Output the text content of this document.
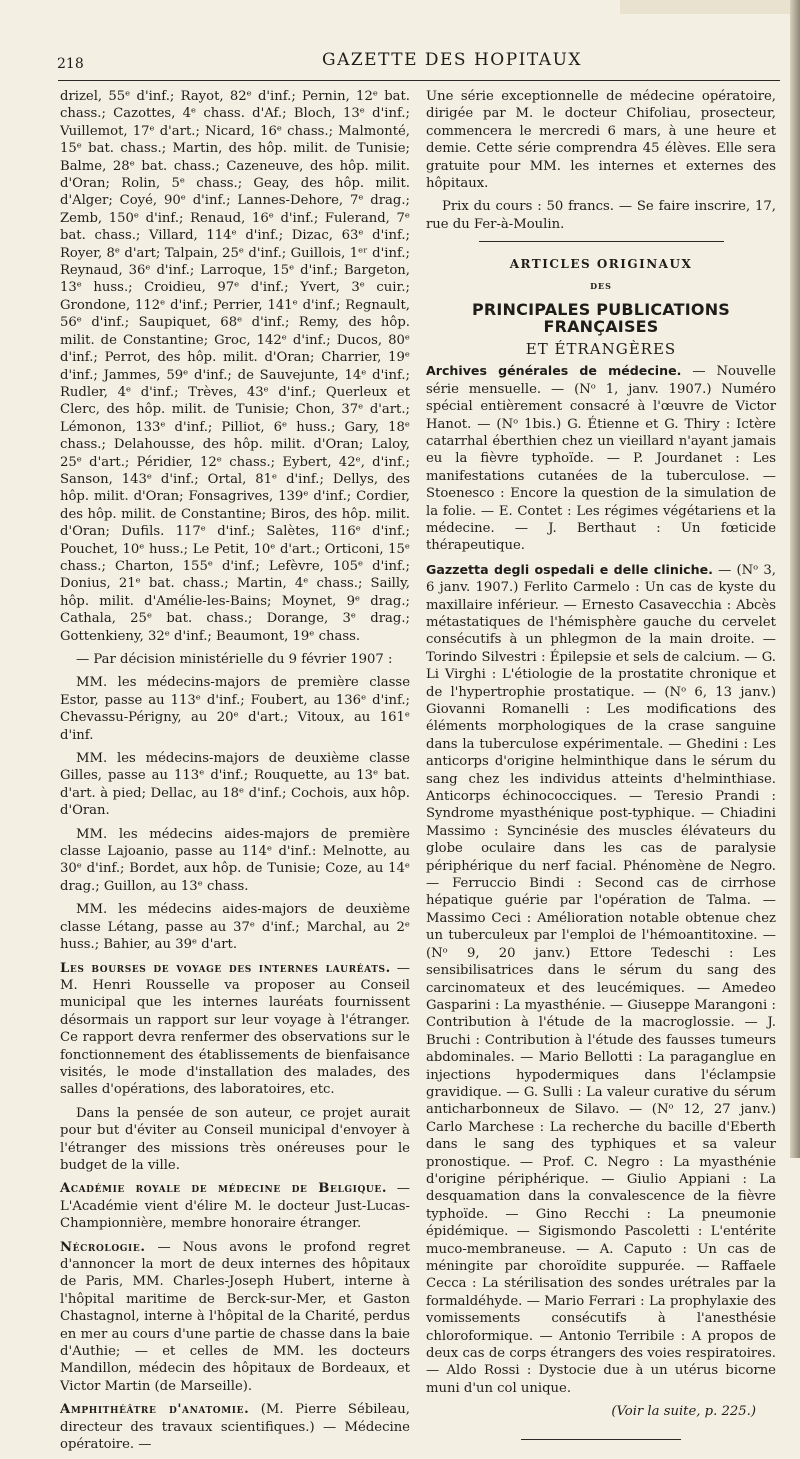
218	GAZETTE DES HOPITAUX

drizel, 55ᵉ d'inf.; Rayot, 82ᵉ d'inf.; Pernin, 12ᵉ bat. chass.; Cazottes, 4ᵉ chass. d'Af.; Bloch, 13ᵉ d'inf.; Vuillemot, 17ᵉ d'art.; Nicard, 16ᵉ chass.; Malmonté, 15ᵉ bat. chass.; Martin, des hôp. milit. de Tunisie; Balme, 28ᵉ bat. chass.; Cazeneuve, des hôp. milit. d'Oran; Rolin, 5ᵉ chass.; Geay, des hôp. milit. d'Alger; Coyé, 90ᵉ d'inf.; Lannes-Dehore, 7ᵉ drag.; Zemb, 150ᵉ d'inf.; Renaud, 16ᵉ d'inf.; Fulerand, 7ᵉ bat. chass.; Villard, 114ᵉ d'inf.; Dizac, 63ᵉ d'inf.; Royer, 8ᵉ d'art; Talpain, 25ᵉ d'inf.; Guillois, 1ᵉʳ d'inf.; Reynaud, 36ᵉ d'inf.; Larroque, 15ᵉ d'inf.; Bargeton, 13ᵉ huss.; Croidieu, 97ᵉ d'inf.; Yvert, 3ᵉ cuir.; Grondone, 112ᵉ d'inf.; Perrier, 141ᵉ d'inf.; Regnault, 56ᵉ d'inf.; Saupiquet, 68ᵉ d'inf.; Remy, des hôp. milit. de Constantine; Groc, 142ᵉ d'inf.; Ducos, 80ᵉ d'inf.; Perrot, des hôp. milit. d'Oran; Charrier, 19ᵉ d'inf.; Jammes, 59ᵉ d'inf.; de Sauvejunte, 14ᵉ d'inf.; Rudler, 4ᵉ d'inf.; Trèves, 43ᵉ d'inf.; Querleux et Clerc, des hôp. milit. de Tunisie; Chon, 37ᵉ d'art.; Lémonon, 133ᵉ d'inf.; Pilliot, 6ᵉ huss.; Gary, 18ᵉ chass.; Delahousse, des hôp. milit. d'Oran; Laloy, 25ᵉ d'art.; Péridier, 12ᵉ chass.; Eybert, 42ᵉ, d'inf.; Sanson, 143ᵉ d'inf.; Ortal, 81ᵉ d'inf.; Dellys, des hôp. milit. d'Oran; Fonsagrives, 139ᵉ d'inf.; Cordier, des hôp. milit. de Constantine; Biros, des hôp. milit. d'Oran; Dufils. 117ᵉ d'inf.; Salètes, 116ᵉ d'inf.; Pouchet, 10ᵉ huss.; Le Petit, 10ᵉ d'art.; Orticoni, 15ᵉ chass.; Charton, 155ᵉ d'inf.; Lefèvre, 105ᵉ d'inf.; Donius, 21ᵉ bat. chass.; Martin, 4ᵉ chass.; Sailly, hôp. milit. d'Amélie-les-Bains; Moynet, 9ᵉ drag.; Cathala, 25ᵉ bat. chass.; Dorange, 3ᵉ drag.; Gottenkieny, 32ᵉ d'inf.; Beaumont, 19ᵉ chass.

— Par décision ministérielle du 9 février 1907 :

MM. les médecins-majors de première classe Estor, passe au 113ᵉ d'inf.; Foubert, au 136ᵉ d'inf.; Chevassu-Périgny, au 20ᵉ d'art.; Vitoux, au 161ᵉ d'inf.

MM. les médecins-majors de deuxième classe Gilles, passe au 113ᵉ d'inf.; Rouquette, au 13ᵉ bat. d'art. à pied; Dellac, au 18ᵉ d'inf.; Cochois, aux hôp. d'Oran.

MM. les médecins aides-majors de première classe Lajoanio, passe au 114ᵉ d'inf.: Melnotte, au 30ᵉ d'inf.; Bordet, aux hôp. de Tunisie; Coze, au 14ᵉ drag.; Guillon, au 13ᵉ chass.

MM. les médecins aides-majors de deuxième classe Létang, passe au 37ᵉ d'inf.; Marchal, au 2ᵉ huss.; Bahier, au 39ᵉ d'art.

Les bourses de voyage des internes lauréats. — M. Henri Rousselle va proposer au Conseil municipal que les internes lauréats fournissent désormais un rapport sur leur voyage à l'étranger. Ce rapport devra renfermer des observations sur le fonctionnement des établissements de bienfaisance visités, le mode d'installation des malades, des salles d'opérations, des laboratoires, etc.

Dans la pensée de son auteur, ce projet aurait pour but d'éviter au Conseil municipal d'envoyer à l'étranger des missions très onéreuses pour le budget de la ville.

Académie royale de médecine de Belgique. — L'Académie vient d'élire M. le docteur Just-Lucas-Championnière, membre honoraire étranger.

Nécrologie. — Nous avons le profond regret d'annoncer la mort de deux internes des hôpitaux de Paris, MM. Charles-Joseph Hubert, interne à l'hôpital maritime de Berck-sur-Mer, et Gaston Chastagnol, interne à l'hôpital de la Charité, perdus en mer au cours d'une partie de chasse dans la baie d'Authie; — et celles de MM. les docteurs Mandillon, médecin des hôpitaux de Bordeaux, et Victor Martin (de Marseille).

Amphithéâtre d'anatomie. (M. Pierre Sébileau, directeur des travaux scientifiques.) — Médecine opératoire. —

Une série exceptionnelle de médecine opératoire, dirigée par M. le docteur Chifoliau, prosecteur, commencera le mercredi 6 mars, à une heure et demie. Cette série comprendra 45 élèves. Elle sera gratuite pour MM. les internes et externes des hôpitaux.

Prix du cours : 50 francs. — Se faire inscrire, 17, rue du Fer-à-Moulin.

ARTICLES ORIGINAUX
DES
PRINCIPALES PUBLICATIONS FRANÇAISES
ET ÉTRANGÈRES

Archives générales de médecine. — Nouvelle série mensuelle. — (Nᵒ 1, janv. 1907.) Numéro spécial entièrement consacré à l'œuvre de Victor Hanot. — (Nᵒ 1bis.) G. Étienne et G. Thiry : Ictère catarrhal éberthien chez un vieillard n'ayant jamais eu la fièvre typhoïde. — P. Jourdanet : Les manifestations cutanées de la tuberculose. — Stoenesco : Encore la question de la simulation de la folie. — E. Contet : Les régimes végétariens et la médecine. — J. Berthaut : Un fœticide thérapeutique.

Gazzetta degli ospedali e delle cliniche. — (Nᵒ 3, 6 janv. 1907.) Ferlito Carmelo : Un cas de kyste du maxillaire inférieur. — Ernesto Casavecchia : Abcès métastatiques de l'hémisphère gauche du cervelet consécutifs à un phlegmon de la main droite. — Torindo Silvestri : Épilepsie et sels de calcium. — G. Li Virghi : L'étiologie de la prostatite chronique et de l'hypertrophie prostatique. — (Nᵒ 6, 13 janv.) Giovanni Romanelli : Les modifications des éléments morphologiques de la crase sanguine dans la tuberculose expérimentale. — Ghedini : Les anticorps d'origine helminthique dans le sérum du sang chez les individus atteints d'helminthiase. Anticorps échinococciques. — Teresio Prandi : Syndrome myasthénique post-typhique. — Chiadini Massimo : Syncinésie des muscles élévateurs du globe oculaire dans les cas de paralysie périphérique du nerf facial. Phénomène de Negro. — Ferruccio Bindi : Second cas de cirrhose hépatique guérie par l'opération de Talma. — Massimo Ceci : Amélioration notable obtenue chez un tuberculeux par l'emploi de l'hémoantitoxine. — (Nᵒ 9, 20 janv.) Ettore Tedeschi : Les sensibilisatrices dans le sérum du sang des carcinomateux et des leucémiques. — Amedeo Gasparini : La myasthénie. — Giuseppe Marangoni : Contribution à l'étude de la macroglossie. — J. Bruchi : Contribution à l'étude des fausses tumeurs abdominales. — Mario Bellotti : La paraganglue en injections hypodermiques dans l'éclampsie gravidique. — G. Sulli : La valeur curative du sérum anticharbonneux de Silavo. — (Nᵒ 12, 27 janv.) Carlo Marchese : La recherche du bacille d'Eberth dans le sang des typhiques et sa valeur pronostique. — Prof. C. Negro : La myasthénie d'origine périphérique. — Giulio Appiani : La desquamation dans la convalescence de la fièvre typhoïde. — Gino Recchi : La pneumonie épidémique. — Sigismondo Pascoletti : L'entérite muco-membraneuse. — A. Caputo : Un cas de méningite par choroïdite suppurée. — Raffaele Cecca : La stérilisation des sondes urétrales par la formaldéhyde. — Mario Ferrari : La prophylaxie des vomissements consécutifs à l'anesthésie chloroformique. — Antonio Terribile : A propos de deux cas de corps étrangers des voies respiratoires. — Aldo Rossi : Dystocie due à un utérus bicorne muni d'un col unique.

(Voir la suite, p. 225.)
